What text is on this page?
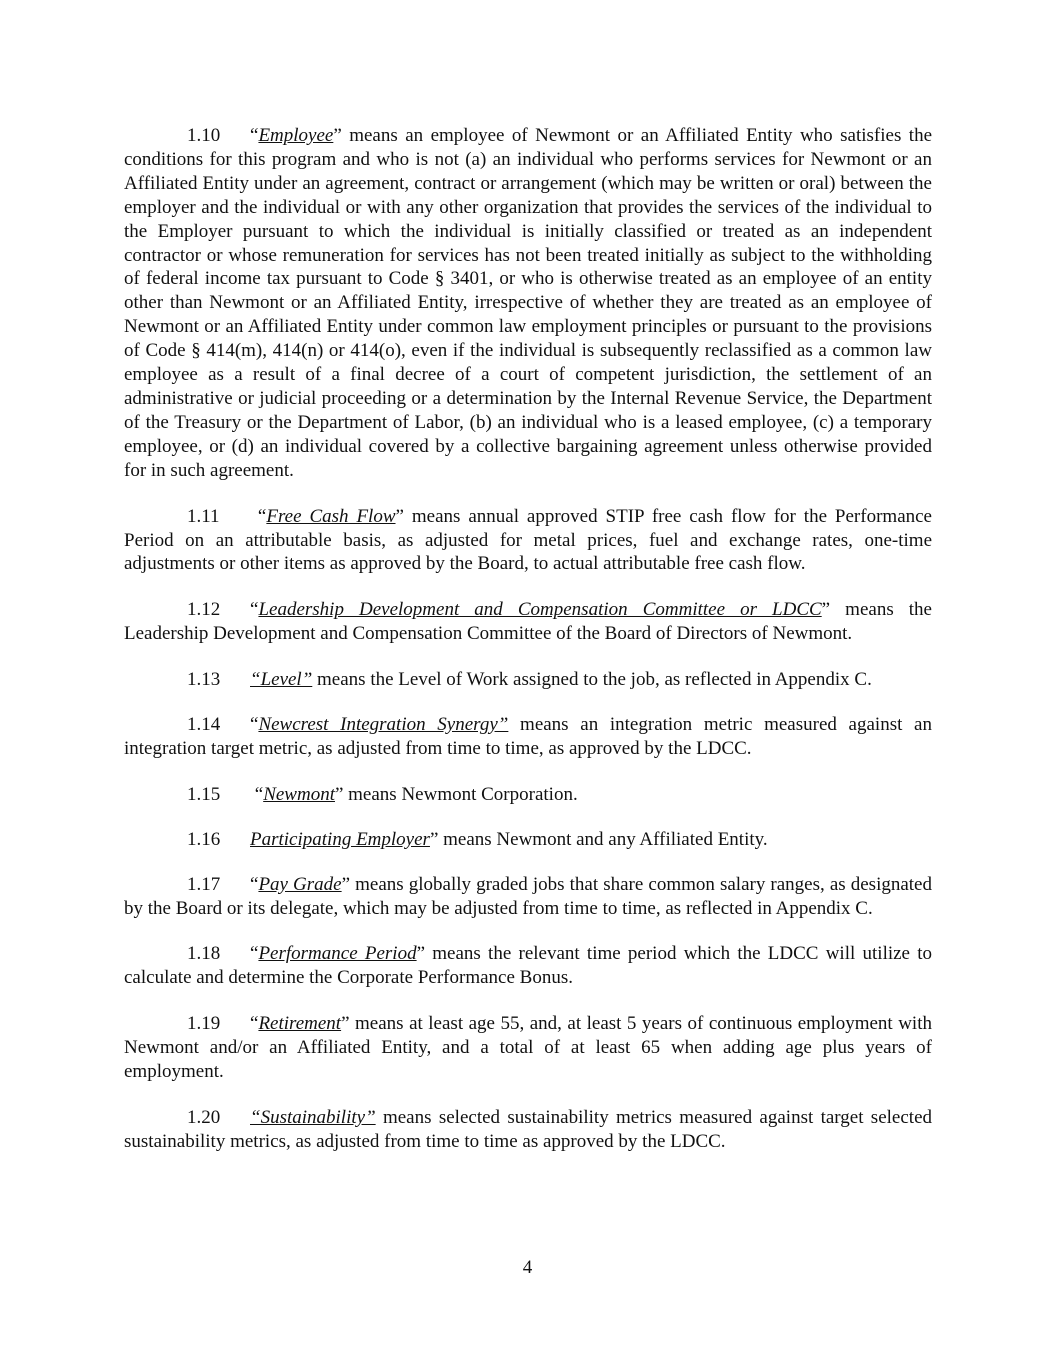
1.10 “Employee” means an employee of Newmont or an Affiliated Entity who satisfies the conditions for this program and who is not (a) an individual who performs services for Newmont or an Affiliated Entity under an agreement, contract or arrangement (which may be written or oral) between the employer and the individual or with any other organization that provides the services of the individual to the Employer pursuant to which the individual is initially classified or treated as an independent contractor or whose remuneration for services has not been treated initially as subject to the withholding of federal income tax pursuant to Code § 3401, or who is otherwise treated as an employee of an entity other than Newmont or an Affiliated Entity, irrespective of whether they are treated as an employee of Newmont or an Affiliated Entity under common law employment principles or pursuant to the provisions of Code § 414(m), 414(n) or 414(o), even if the individual is subsequently reclassified as a common law employee as a result of a final decree of a court of competent jurisdiction, the settlement of an administrative or judicial proceeding or a determination by the Internal Revenue Service, the Department of the Treasury or the Department of Labor, (b) an individual who is a leased employee, (c) a temporary employee, or (d) an individual covered by a collective bargaining agreement unless otherwise provided for in such agreement.

1.11 “Free Cash Flow” means annual approved STIP free cash flow for the Performance Period on an attributable basis, as adjusted for metal prices, fuel and exchange rates, one-time adjustments or other items as approved by the Board, to actual attributable free cash flow.

1.12 “Leadership Development and Compensation Committee or LDCC” means the Leadership Development and Compensation Committee of the Board of Directors of Newmont.

1.13 “Level” means the Level of Work assigned to the job, as reflected in Appendix C.

1.14 “Newcrest Integration Synergy” means an integration metric measured against an integration target metric, as adjusted from time to time, as approved by the LDCC.

1.15 “Newmont” means Newmont Corporation.

1.16 Participating Employer” means Newmont and any Affiliated Entity.

1.17 “Pay Grade” means globally graded jobs that share common salary ranges, as designated by the Board or its delegate, which may be adjusted from time to time, as reflected in Appendix C.

1.18 “Performance Period” means the relevant time period which the LDCC will utilize to calculate and determine the Corporate Performance Bonus.

1.19 “Retirement” means at least age 55, and, at least 5 years of continuous employment with Newmont and/or an Affiliated Entity, and a total of at least 65 when adding age plus years of employment.

1.20 “Sustainability” means selected sustainability metrics measured against target selected sustainability metrics, as adjusted from time to time as approved by the LDCC.

4
